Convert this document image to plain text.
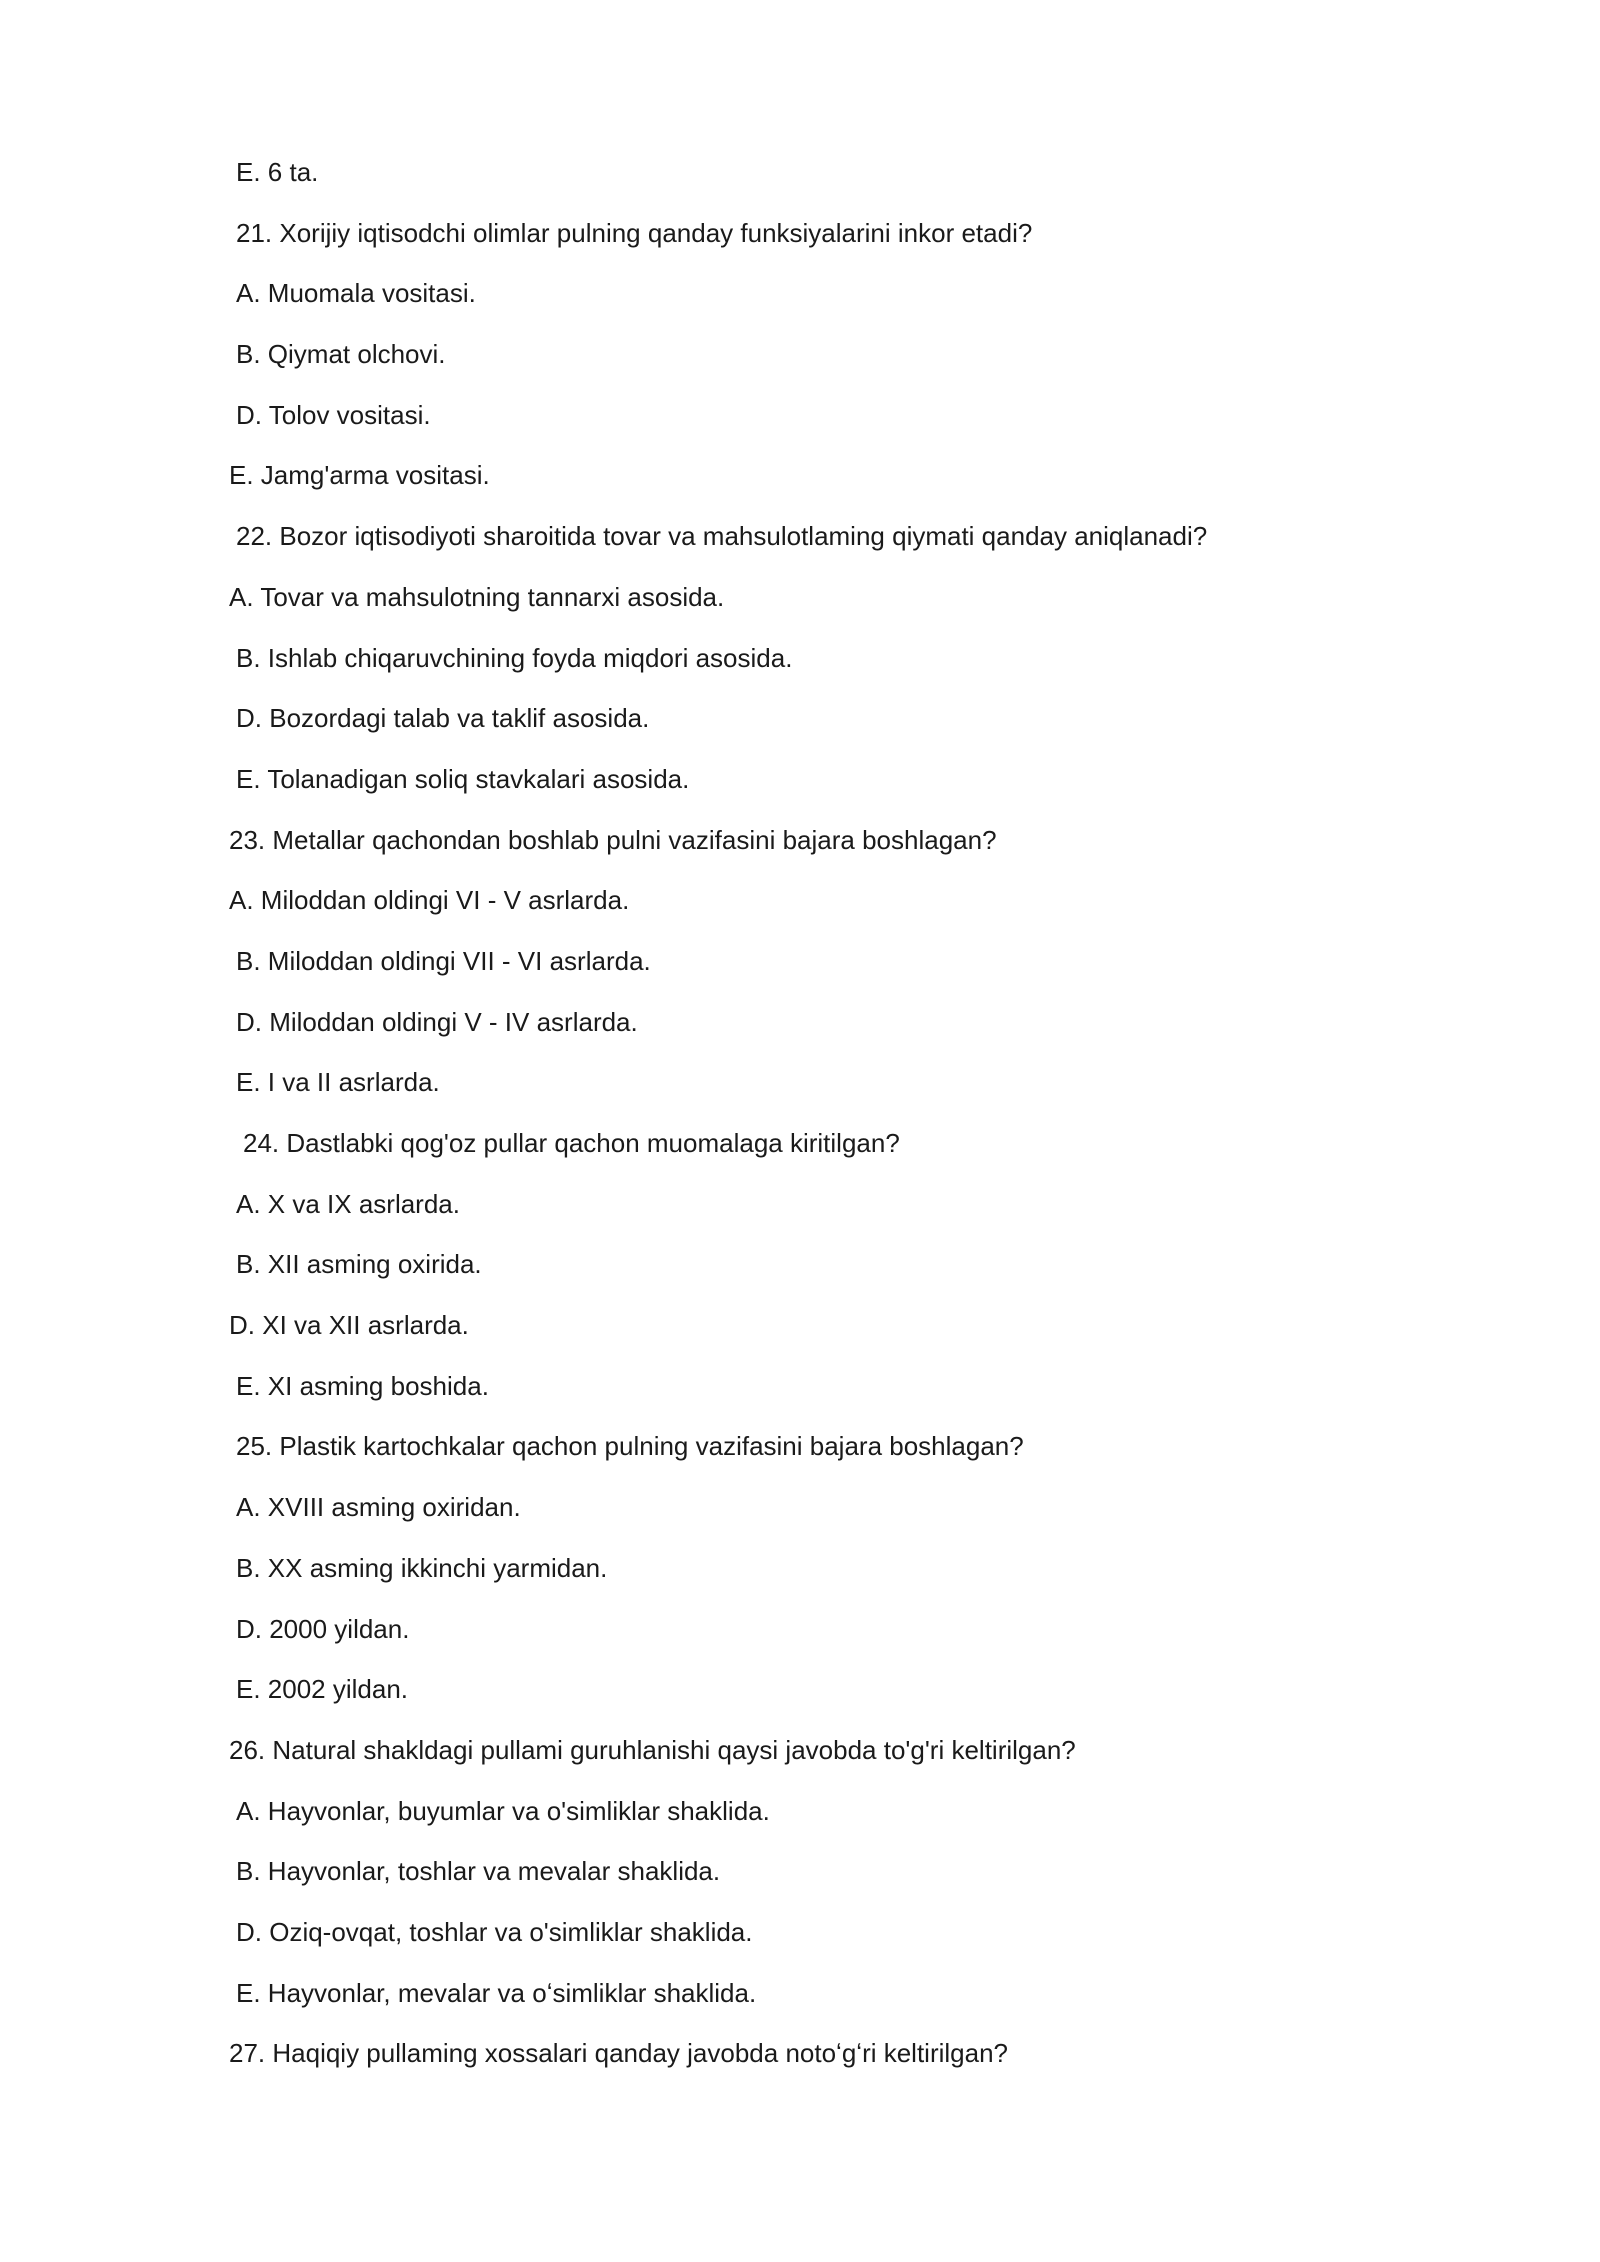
E. 6 ta.
21. Xorijiy iqtisodchi olimlar pulning qanday funksiyalarini inkor etadi?
A. Muomala vositasi.
B. Qiymat olchovi.
D. Tolov vositasi.
E. Jamg'arma vositasi.
22. Bozor iqtisodiyoti sharoitida tovar va mahsulotlaming qiymati qanday aniqlanadi?
A. Tovar va mahsulotning tannarxi asosida.
B. Ishlab chiqaruvchining foyda miqdori asosida.
D. Bozordagi talab va taklif asosida.
E. Tolanadigan soliq stavkalari asosida.
23. Metallar qachondan boshlab pulni vazifasini bajara boshlagan?
A. Miloddan oldingi VI - V asrlarda.
B. Miloddan oldingi VII - VI asrlarda.
D. Miloddan oldingi V - IV asrlarda.
E. I va II asrlarda.
24. Dastlabki qog'oz pullar qachon muomalaga kiritilgan?
A. X va IX asrlarda.
B. XII asming oxirida.
D. XI va XII asrlarda.
E. XI asming boshida.
25. Plastik kartochkalar qachon pulning vazifasini bajara boshlagan?
A. XVIII asming oxiridan.
B. XX asming ikkinchi yarmidan.
D. 2000 yildan.
E. 2002 yildan.
26. Natural shakldagi pullami guruhlanishi qaysi javobda to'g'ri keltirilgan?
A. Hayvonlar, buyumlar va o'simliklar shaklida.
B. Hayvonlar, toshlar va mevalar shaklida.
D. Oziq-ovqat, toshlar va o'simliklar shaklida.
E. Hayvonlar, mevalar va oʻsimliklar shaklida.
27. Haqiqiy pullaming xossalari qanday javobda notoʻgʻri keltirilgan?
